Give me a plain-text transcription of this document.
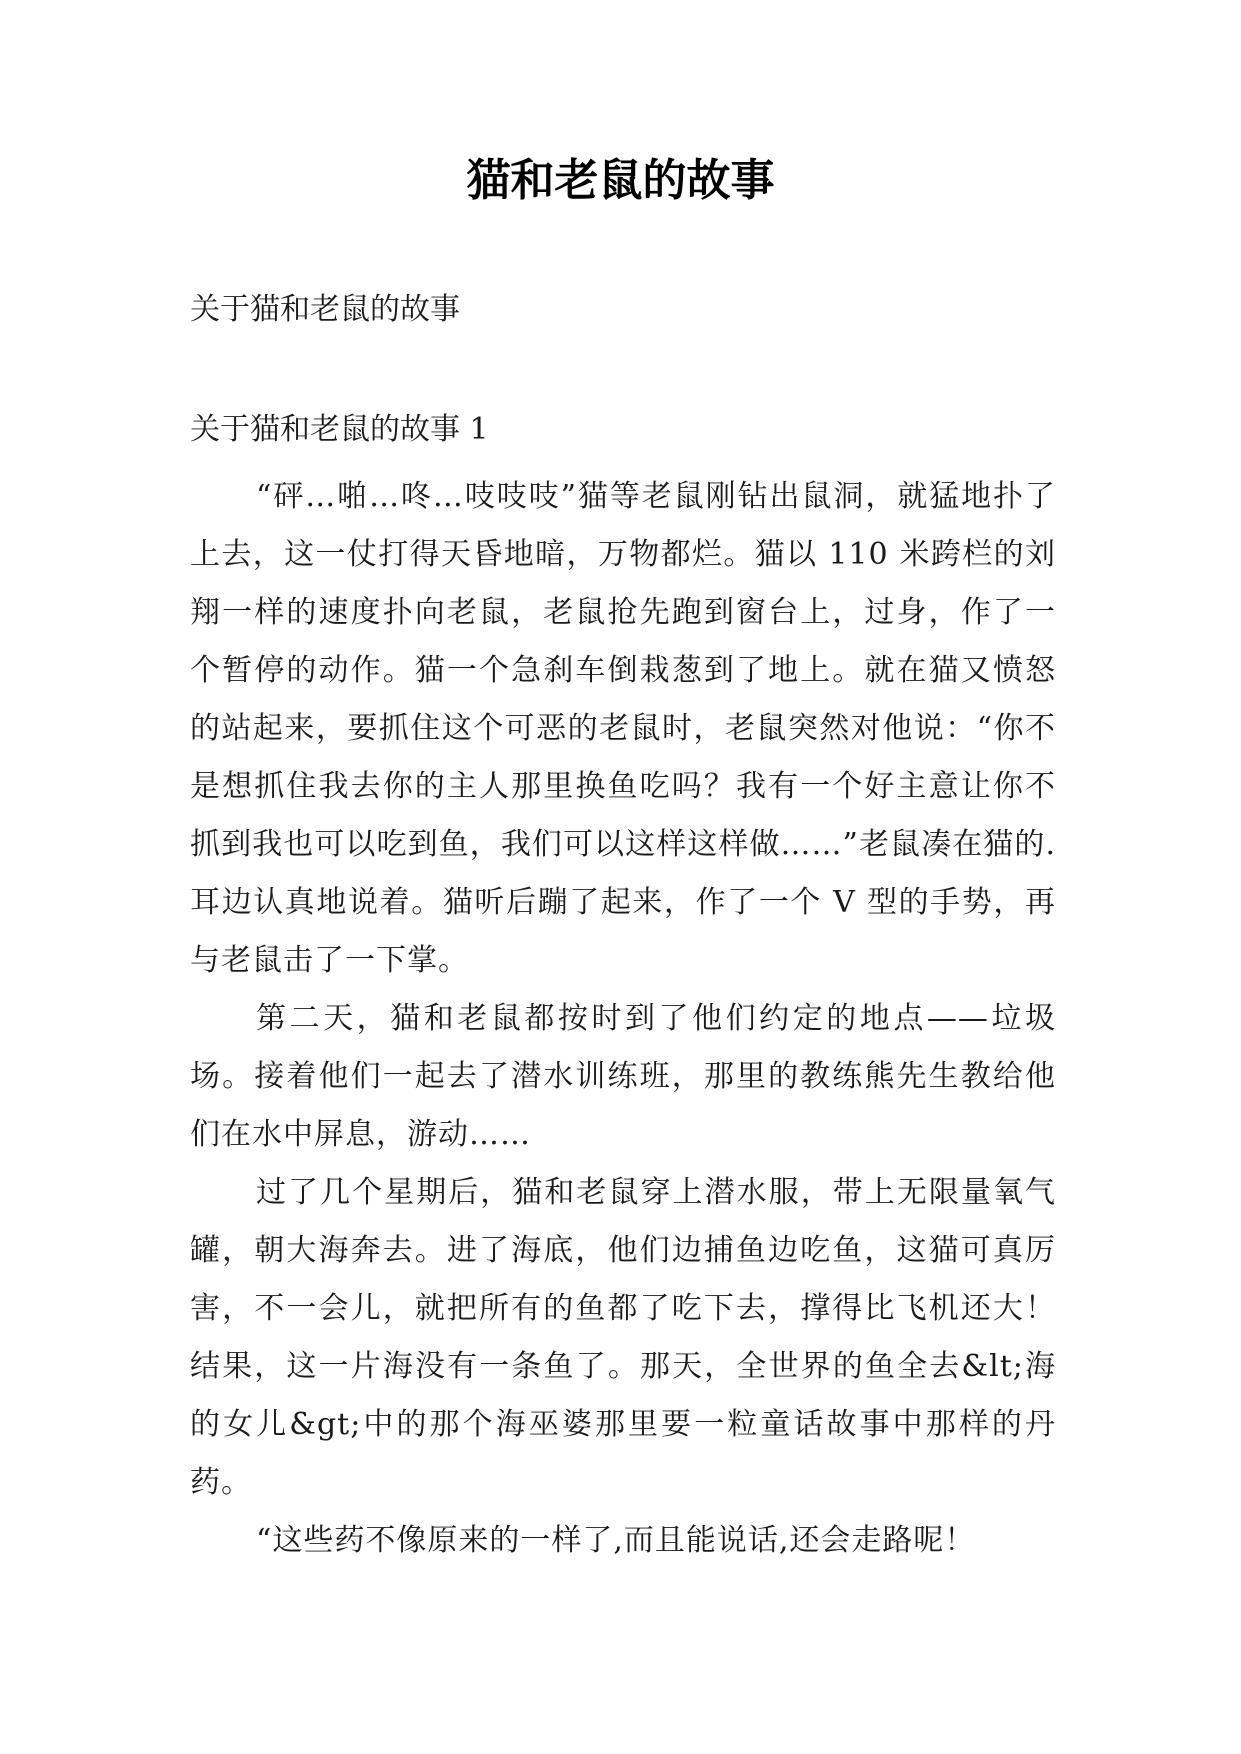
猫和老鼠的故事

关于猫和老鼠的故事

关于猫和老鼠的故事 1

“砰…啪…咚…吱吱吱”猫等老鼠刚钻出鼠洞，就猛地扑了上去，这一仗打得天昏地暗，万物都烂。猫以 110 米跨栏的刘翔一样的速度扑向老鼠，老鼠抢先跑到窗台上，过身，作了一个暂停的动作。猫一个急刹车倒栽葱到了地上。就在猫又愤怒的站起来，要抓住这个可恶的老鼠时，老鼠突然对他说：“你不是想抓住我去你的主人那里换鱼吃吗？我有一个好主意让你不抓到我也可以吃到鱼，我们可以这样这样做……”老鼠凑在猫的.耳边认真地说着。猫听后蹦了起来，作了一个 V 型的手势，再与老鼠击了一下掌。

第二天，猫和老鼠都按时到了他们约定的地点——垃圾场。接着他们一起去了潜水训练班，那里的教练熊先生教给他们在水中屏息，游动……

过了几个星期后，猫和老鼠穿上潜水服，带上无限量氧气罐，朝大海奔去。进了海底，他们边捕鱼边吃鱼，这猫可真厉害，不一会儿，就把所有的鱼都了吃下去，撑得比飞机还大！结果，这一片海没有一条鱼了。那天，全世界的鱼全去&lt;海的女儿&gt;中的那个海巫婆那里要一粒童话故事中那样的丹药。

“这些药不像原来的一样了,而且能说话,还会走路呢！
